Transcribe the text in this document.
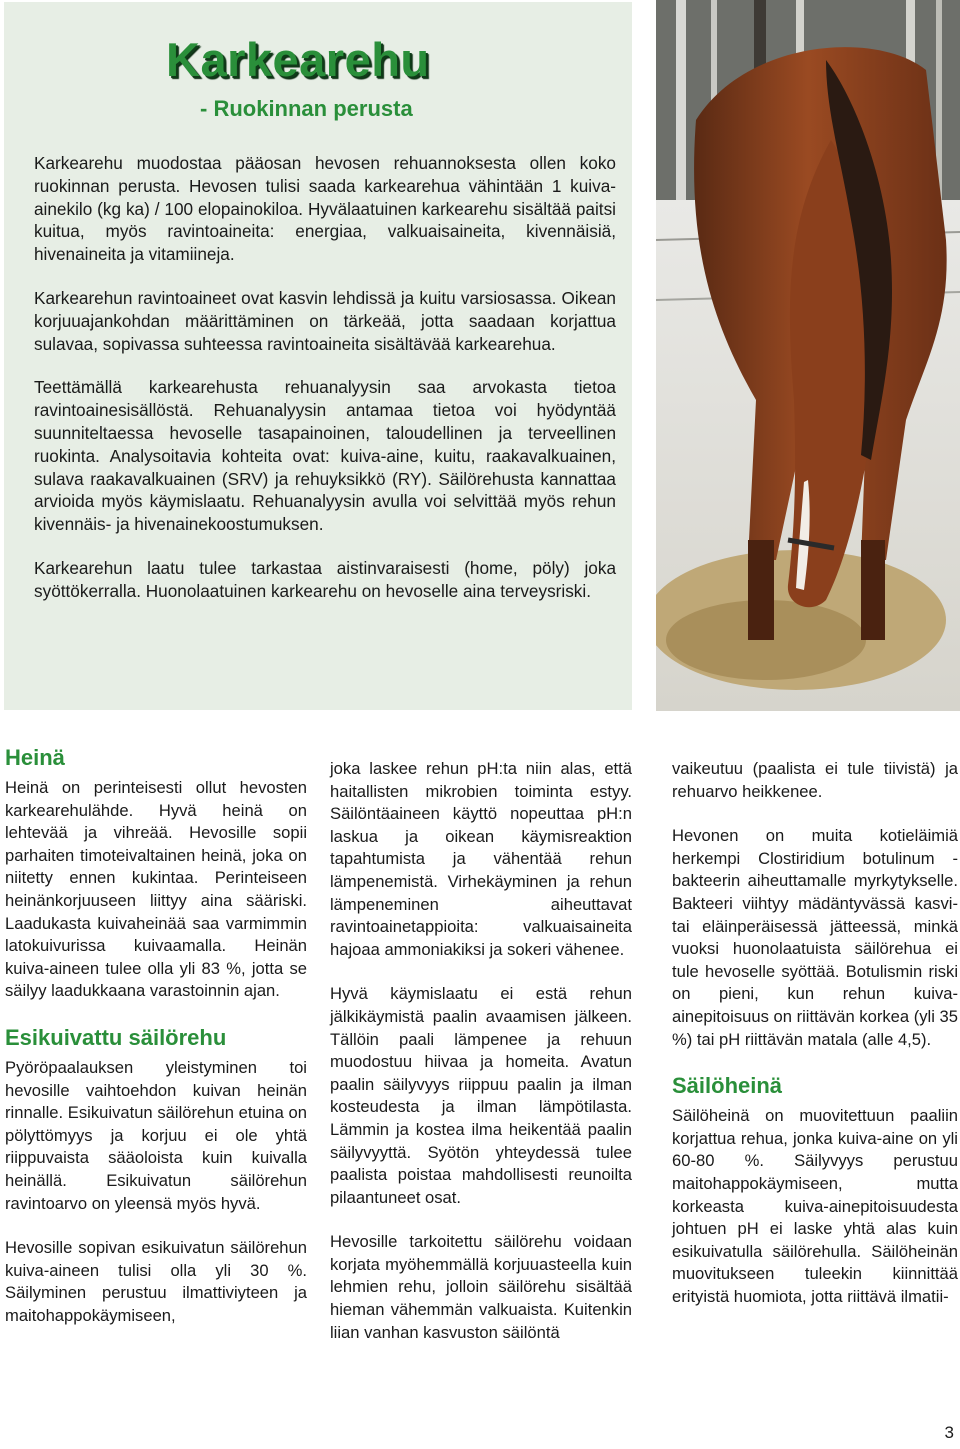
Karkearehu
- Ruokinnan perusta

Karkearehu muodostaa pääosan hevosen rehuannoksesta ollen koko ruokinnan perusta. Hevosen tulisi saada karkearehua vähintään 1 kuiva-ainekilo (kg ka) / 100 elopainokiloa. Hyvälaatuinen karkearehu sisältää paitsi kuitua, myös ravintoaineita: energiaa, valkuaisaineita, kivennäisiä, hivenaineita ja vitamiineja.

Karkearehun ravintoaineet ovat kasvin lehdissä ja kuitu varsiosassa. Oikean korjuuajankohdan määrittäminen on tärkeää, jotta saadaan korjattua sulavaa, sopivassa suhteessa ravintoaineita sisältävää karkearehua.

Teettämällä karkearehusta rehuanalyysin saa arvokasta tietoa ravintoainesisällöstä. Rehuanalyysin antamaa tietoa voi hyödyntää suunniteltaessa hevoselle tasapainoinen, taloudellinen ja terveellinen ruokinta. Analysoitavia kohteita ovat: kuiva-aine, kuitu, raakavalkuainen, sulava raakavalkuainen (SRV) ja rehuyksikkö (RY). Säilörehusta kannattaa arvioida myös käymislaatu. Rehuanalyysin avulla voi selvittää myös rehun kivennäis- ja hivenainekoostumuksen.

Karkearehun laatu tulee tarkastaa aistinvaraisesti (home, pöly) joka syöttökerralla. Huonolaatuinen karkearehu on hevoselle aina terveysriski.

Heinä

Heinä on perinteisesti ollut hevosten karkearehulähde. Hyvä heinä on lehtevää ja vihreää. Hevosille sopii parhaiten timoteivaltainen heinä, joka on niitetty ennen kukintaa. Perinteiseen heinänkorjuuseen liittyy aina sääriski. Laadukasta kuivaheinää saa varmimmin latokuivurissa kuivaamalla. Heinän kuiva-aineen tulee olla yli 83 %, jotta se säilyy laadukkaana varastoinnin ajan.

Esikuivattu säilörehu

Pyöröpaalauksen yleistyminen toi hevosille vaihtoehdon kuivan heinän rinnalle. Esikuivatun säilörehun etuina on pölyttömyys ja korjuu ei ole yhtä riippuvaista sääoloista kuin kuivalla heinällä. Esikuivatun säilörehun ravintoarvo on yleensä myös hyvä.

Hevosille sopivan esikuivatun säilörehun kuiva-aineen tulisi olla yli 30 %. Säilyminen perustuu ilmattiviyteen ja maitohappokäymiseen,

joka laskee rehun pH:ta niin alas, että haitallisten mikrobien toiminta estyy. Säilöntäaineen käyttö nopeuttaa pH:n laskua ja oikean käymisreaktion tapahtumista ja vähentää rehun lämpenemistä. Virhekäyminen ja rehun lämpeneminen aiheuttavat ravintoainetappioita: valkuaisaineita hajoaa ammoniakiksi ja sokeri vähenee.

Hyvä käymislaatu ei estä rehun jälkikäymistä paalin avaamisen jälkeen. Tällöin paali lämpenee ja rehuun muodostuu hiivaa ja homeita. Avatun paalin säilyvyys riippuu paalin ja ilman kosteudesta ja ilman lämpötilasta. Lämmin ja kostea ilma heikentää paalin säilyvyyttä. Syötön yhteydessä tulee paalista poistaa mahdollisesti reunoilta pilaantuneet osat.

Hevosille tarkoitettu säilörehu voidaan korjata myöhemmällä korjuuasteella kuin lehmien rehu, jolloin säilörehu sisältää hieman vähemmän valkuaista. Kuitenkin liian vanhan kasvuston säilöntä

vaikeutuu (paalista ei tule tiivistä) ja rehuarvo heikkenee.

Hevonen on muita kotieläimiä herkempi Clostiridium botulinum -bakteerin aiheuttamalle myrkytykselle. Bakteeri viihtyy mädäntyvässä kasvi- tai eläinperäisessä jätteessä, minkä vuoksi huonolaatuista säilörehua ei tule hevoselle syöttää. Botulismin riski on pieni, kun rehun kuiva-ainepitoisuus on riittävän korkea (yli 35 %) tai pH riittävän matala (alle 4,5).

Säilöheinä

Säilöheinä on muovitettuun paaliin korjattua rehua, jonka kuiva-aine on yli 60-80 %. Säilyvyys perustuu maitohappokäymiseen, mutta korkeasta kuiva-ainepitoisuudesta johtuen pH ei laske yhtä alas kuin esikuivatulla säilörehulla. Säilöheinän muovitukseen tuleekin kiinnittää erityistä huomiota, jotta riittävä ilmatii-

3
